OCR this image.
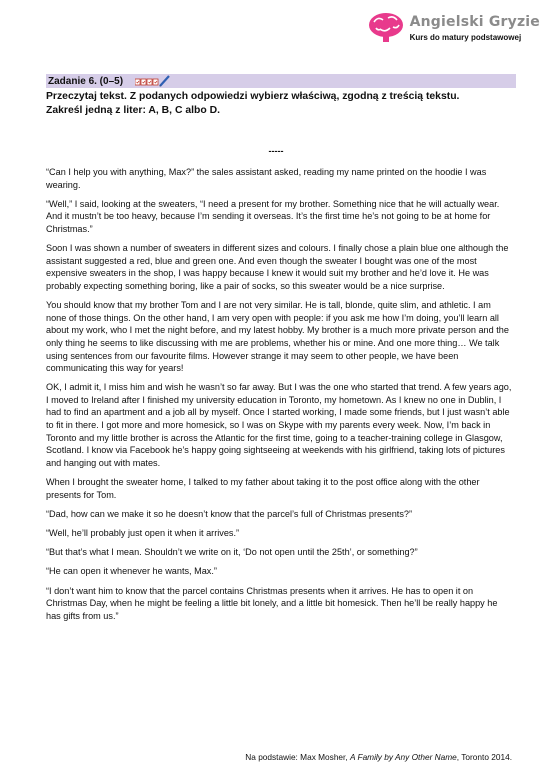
Angielski Gryzie
Kurs do matury podstawowej
Zadanie 6. (0–5)
Przeczytaj tekst. Z podanych odpowiedzi wybierz właściwą, zgodną z treścią tekstu.
Zakreśl jedną z liter: A, B, C albo D.
-----

“Can I help you with anything, Max?” the sales assistant asked, reading my name printed on the hoodie I was wearing.

“Well,” I said, looking at the sweaters, “I need a present for my brother. Something nice that he will actually wear. And it mustn’t be too heavy, because I’m sending it overseas. It’s the first time he’s not going to be at home for Christmas.”

Soon I was shown a number of sweaters in different sizes and colours. I finally chose a plain blue one although the assistant suggested a red, blue and green one. And even though the sweater I bought was one of the most expensive sweaters in the shop, I was happy because I knew it would suit my brother and he’d love it. He was probably expecting something boring, like a pair of socks, so this sweater would be a nice surprise.

You should know that my brother Tom and I are not very similar. He is tall, blonde, quite slim, and athletic. I am none of those things. On the other hand, I am very open with people: if you ask me how I’m doing, you’ll learn all about my work, who I met the night before, and my latest hobby. My brother is a much more private person and the only thing he seems to like discussing with me are problems, whether his or mine. And one more thing… We talk using sentences from our favourite films. However strange it may seem to other people, we have been communicating this way for years!

OK, I admit it, I miss him and wish he wasn’t so far away. But I was the one who started that trend. A few years ago, I moved to Ireland after I finished my university education in Toronto, my hometown. As I knew no one in Dublin, I had to find an apartment and a job all by myself. Once I started working, I made some friends, but I just wasn’t able to fit in there. I got more and more homesick, so I was on Skype with my parents every week. Now, I’m back in Toronto and my little brother is across the Atlantic for the first time, going to a teacher-training college in Glasgow, Scotland. I know via Facebook he’s happy going sightseeing at weekends with his girlfriend, taking lots of pictures and hanging out with mates.

When I brought the sweater home, I talked to my father about taking it to the post office along with the other presents for Tom.

“Dad, how can we make it so he doesn’t know that the parcel’s full of Christmas presents?”

“Well, he’ll probably just open it when it arrives.”

“But that’s what I mean. Shouldn’t we write on it, ‘Do not open until the 25th’, or something?”

“He can open it whenever he wants, Max.”

“I don’t want him to know that the parcel contains Christmas presents when it arrives. He has to open it on Christmas Day, when he might be feeling a little bit lonely, and a little bit homesick. Then he’ll be really happy he has gifts from us.”

Na podstawie: Max Mosher, A Family by Any Other Name, Toronto 2014.
